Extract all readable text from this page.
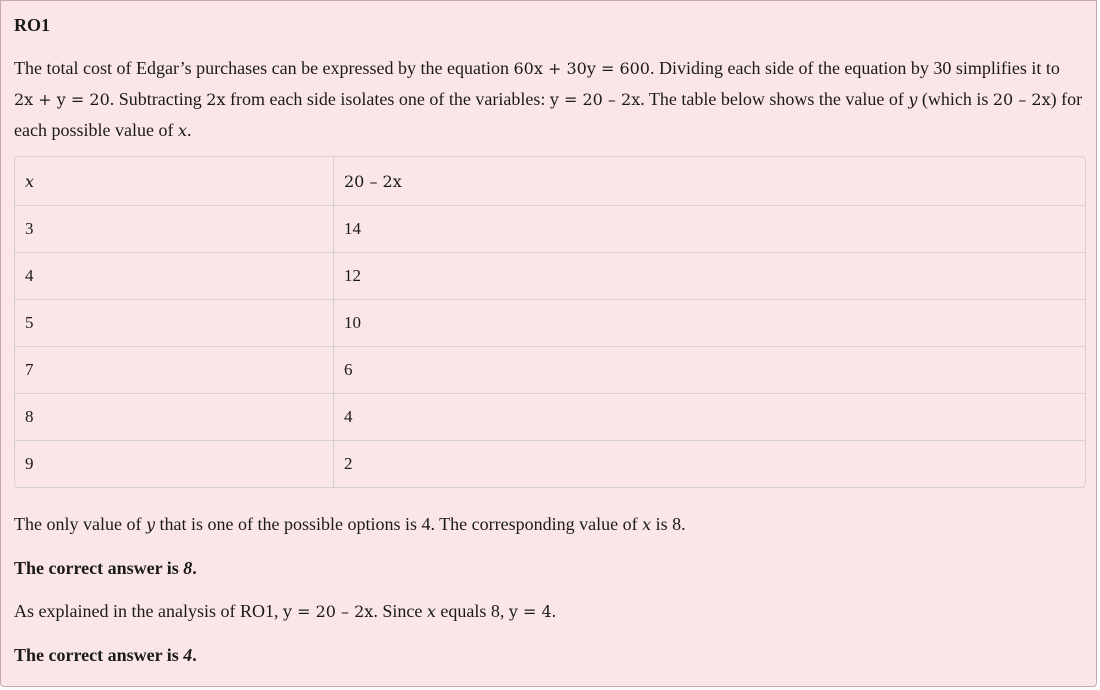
RO1

The total cost of Edgar’s purchases can be expressed by the equation 60x + 30y = 600. Dividing each side of the equation by 30 simplifies it to 2x + y = 20. Subtracting 2x from each side isolates one of the variables: y = 20 – 2x. The table below shows the value of y (which is 20 – 2x) for each possible value of x.

x	20 – 2x
3	14
4	12
5	10
7	6
8	4
9	2

The only value of y that is one of the possible options is 4. The corresponding value of x is 8.

The correct answer is 8.

As explained in the analysis of RO1, y = 20 – 2x. Since x equals 8, y = 4.

The correct answer is 4.
